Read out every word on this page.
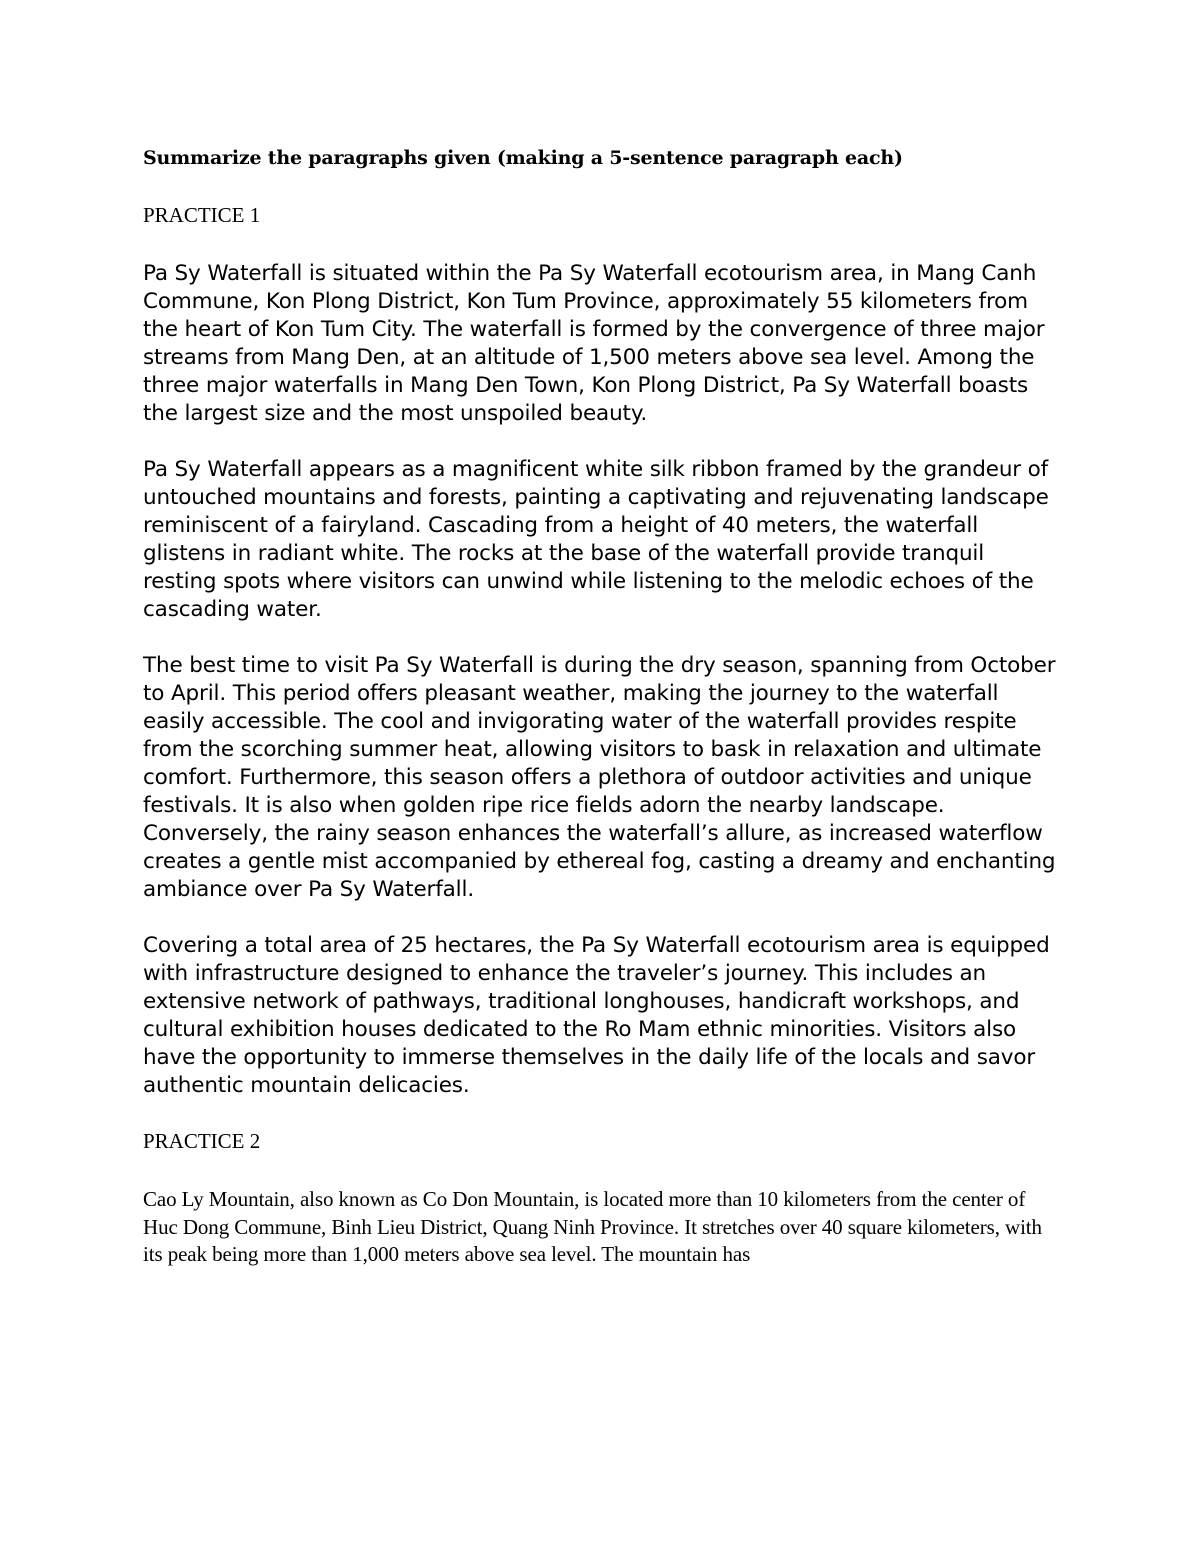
Summarize the paragraphs given (making a 5-sentence paragraph each)

PRACTICE 1

Pa Sy Waterfall is situated within the Pa Sy Waterfall ecotourism area, in Mang Canh Commune, Kon Plong District, Kon Tum Province, approximately 55 kilometers from the heart of Kon Tum City. The waterfall is formed by the convergence of three major streams from Mang Den, at an altitude of 1,500 meters above sea level. Among the three major waterfalls in Mang Den Town, Kon Plong District, Pa Sy Waterfall boasts the largest size and the most unspoiled beauty.

Pa Sy Waterfall appears as a magnificent white silk ribbon framed by the grandeur of untouched mountains and forests, painting a captivating and rejuvenating landscape reminiscent of a fairyland. Cascading from a height of 40 meters, the waterfall glistens in radiant white. The rocks at the base of the waterfall provide tranquil resting spots where visitors can unwind while listening to the melodic echoes of the cascading water.

The best time to visit Pa Sy Waterfall is during the dry season, spanning from October to April. This period offers pleasant weather, making the journey to the waterfall easily accessible. The cool and invigorating water of the waterfall provides respite from the scorching summer heat, allowing visitors to bask in relaxation and ultimate comfort. Furthermore, this season offers a plethora of outdoor activities and unique festivals. It is also when golden ripe rice fields adorn the nearby landscape. Conversely, the rainy season enhances the waterfall’s allure, as increased waterflow creates a gentle mist accompanied by ethereal fog, casting a dreamy and enchanting ambiance over Pa Sy Waterfall.

Covering a total area of 25 hectares, the Pa Sy Waterfall ecotourism area is equipped with infrastructure designed to enhance the traveler’s journey. This includes an extensive network of pathways, traditional longhouses, handicraft workshops, and cultural exhibition houses dedicated to the Ro Mam ethnic minorities. Visitors also have the opportunity to immerse themselves in the daily life of the locals and savor authentic mountain delicacies.

PRACTICE 2

Cao Ly Mountain, also known as Co Don Mountain, is located more than 10 kilometers from the center of Huc Dong Commune, Binh Lieu District, Quang Ninh Province. It stretches over 40 square kilometers, with its peak being more than 1,000 meters above sea level. The mountain has
